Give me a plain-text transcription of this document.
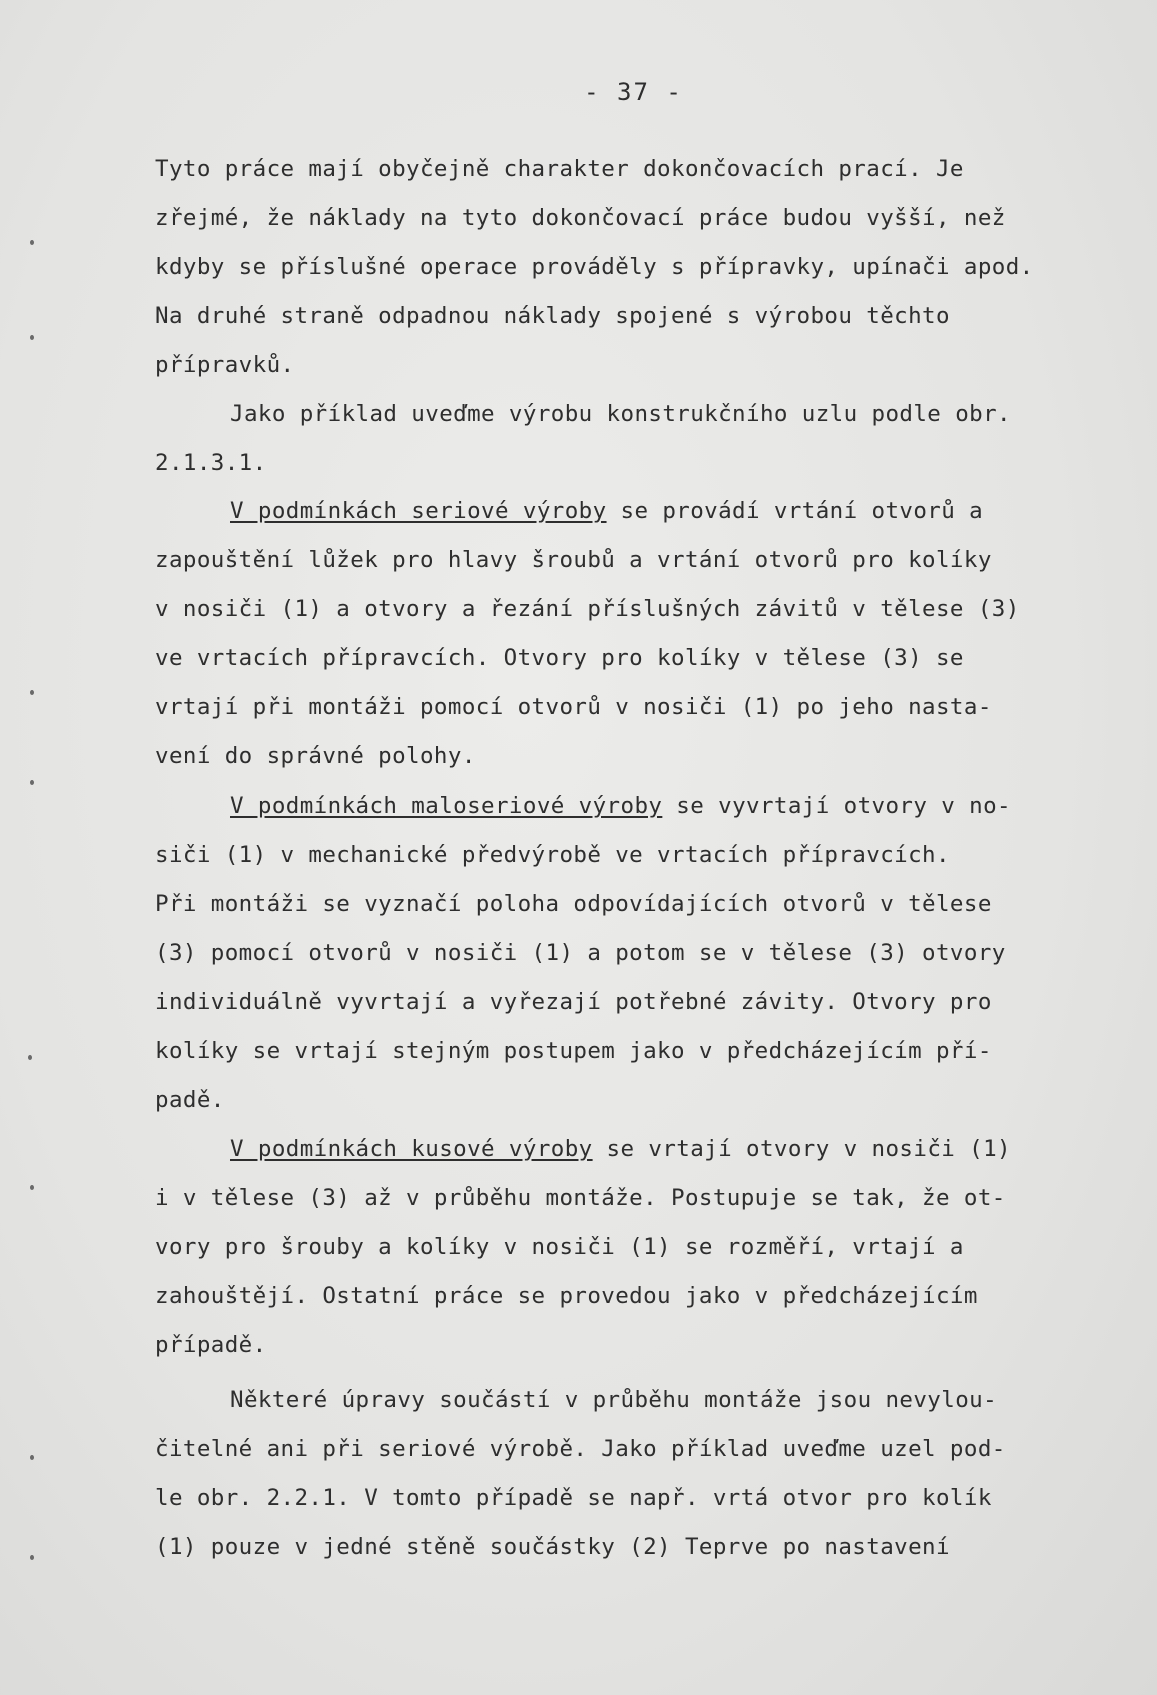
- 37 -
Tyto práce mají obyčejně charakter dokončovacích prací. Je
zřejmé, že náklady na tyto dokončovací práce budou vyšší, než
kdyby se příslušné operace prováděly s přípravky, upínači apod.
Na druhé straně odpadnou náklady spojené s výrobou těchto
přípravků.
Jako příklad uveďme výrobu konstrukčního uzlu podle obr.
2.1.3.1.
V podmínkách seriové výroby se provádí vrtání otvorů a
zapouštění lůžek pro hlavy šroubů a vrtání otvorů pro kolíky
v nosiči (1) a otvory a řezání příslušných závitů v tělese (3)
ve vrtacích přípravcích. Otvory pro kolíky v tělese (3) se
vrtají při montáži pomocí otvorů v nosiči (1) po jeho nasta-
vení do správné polohy.
V podmínkách maloseriové výroby se vyvrtají otvory v no-
siči (1) v mechanické předvýrobě ve vrtacích přípravcích.
Při montáži se vyznačí poloha odpovídajících otvorů v tělese
(3) pomocí otvorů v nosiči (1) a potom se v tělese (3) otvory
individuálně vyvrtají a vyřezají potřebné závity. Otvory pro
kolíky se vrtají stejným postupem jako v předcházejícím pří-
padě.
V podmínkách kusové výroby se vrtají otvory v nosiči (1)
i v tělese (3) až v průběhu montáže. Postupuje se tak, že ot-
vory pro šrouby a kolíky v nosiči (1) se rozměří, vrtají a
zahouštějí. Ostatní práce se provedou jako v předcházejícím
případě.
Některé úpravy součástí v průběhu montáže jsou nevylou-
čitelné ani při seriové výrobě. Jako příklad uveďme uzel pod-
le obr. 2.2.1. V tomto případě se např. vrtá otvor pro kolík
(1) pouze v jedné stěně součástky (2) Teprve po nastavení
